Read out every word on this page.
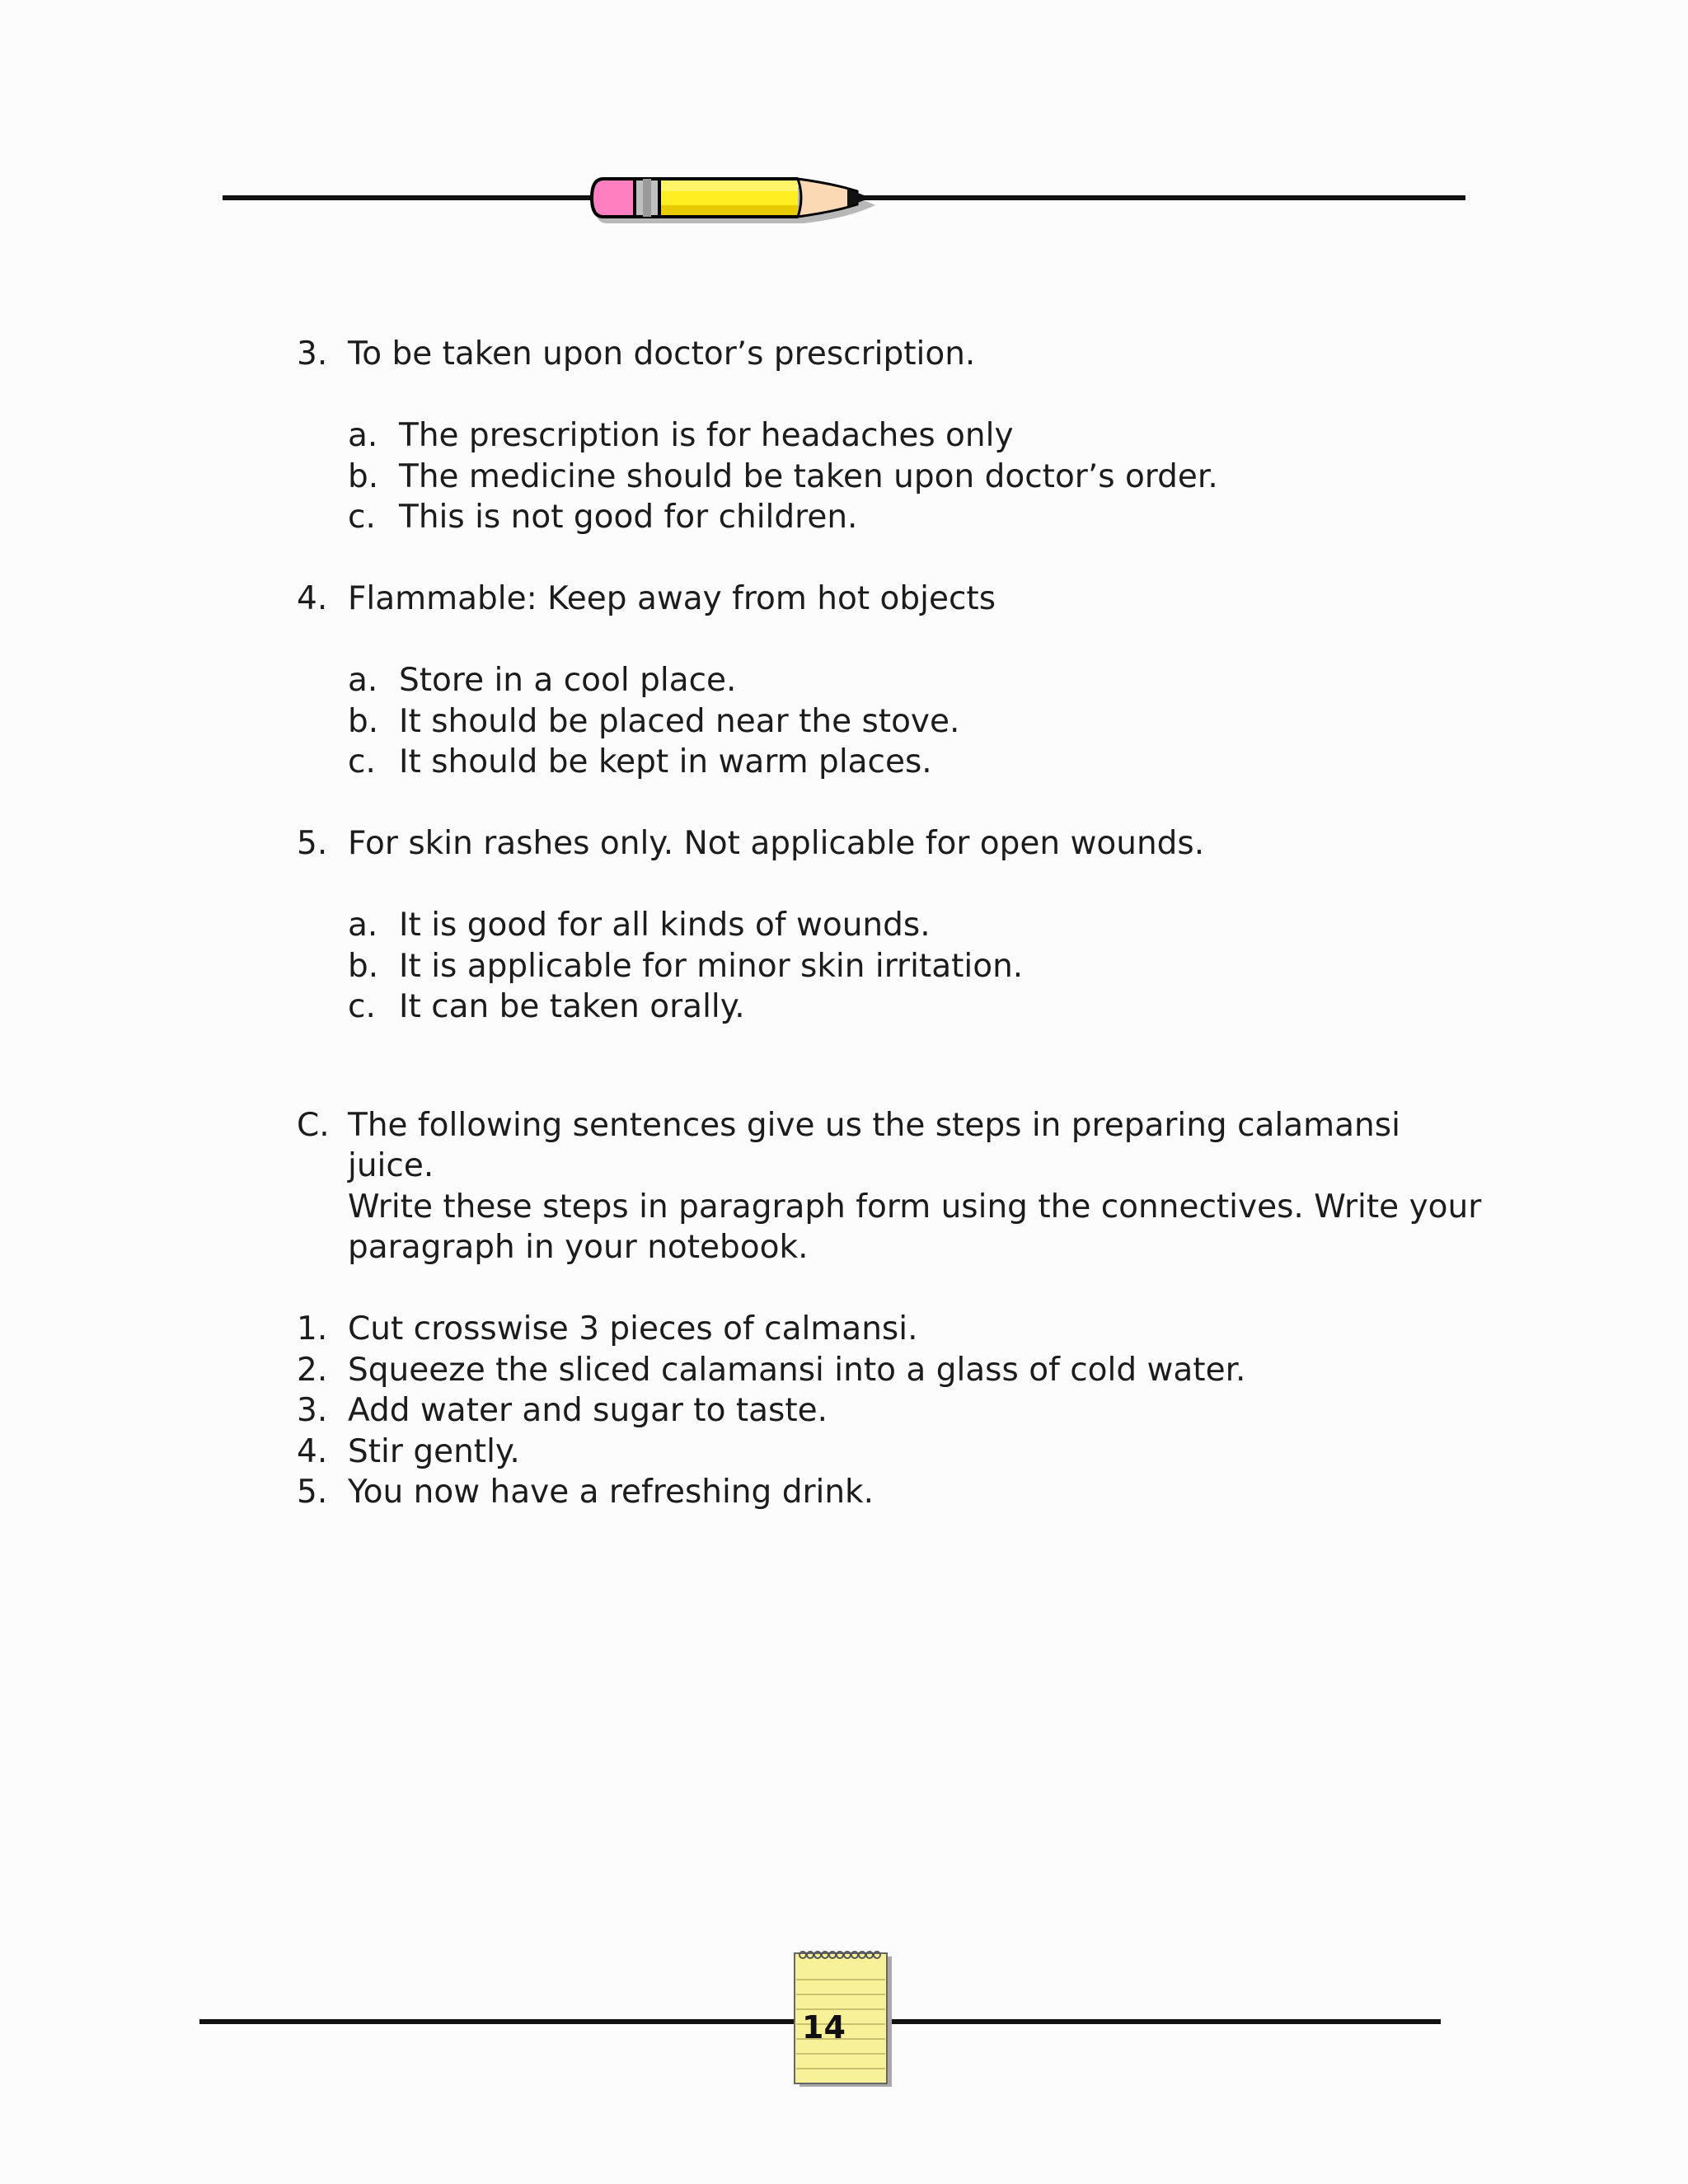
3. To be taken upon doctor’s prescription.
a. The prescription is for headaches only
b. The medicine should be taken upon doctor’s order.
c. This is not good for children.
4. Flammable: Keep away from hot objects
a. Store in a cool place.
b. It should be placed near the stove.
c. It should be kept in warm places.
5. For skin rashes only. Not applicable for open wounds.
a. It is good for all kinds of wounds.
b. It is applicable for minor skin irritation.
c. It can be taken orally.
C. The following sentences give us the steps in preparing calamansi juice.
Write these steps in paragraph form using the connectives. Write your
paragraph in your notebook.
1. Cut crosswise 3 pieces of calmansi.
2. Squeeze the sliced calamansi into a glass of cold water.
3. Add water and sugar to taste.
4. Stir gently.
5. You now have a refreshing drink.
14
